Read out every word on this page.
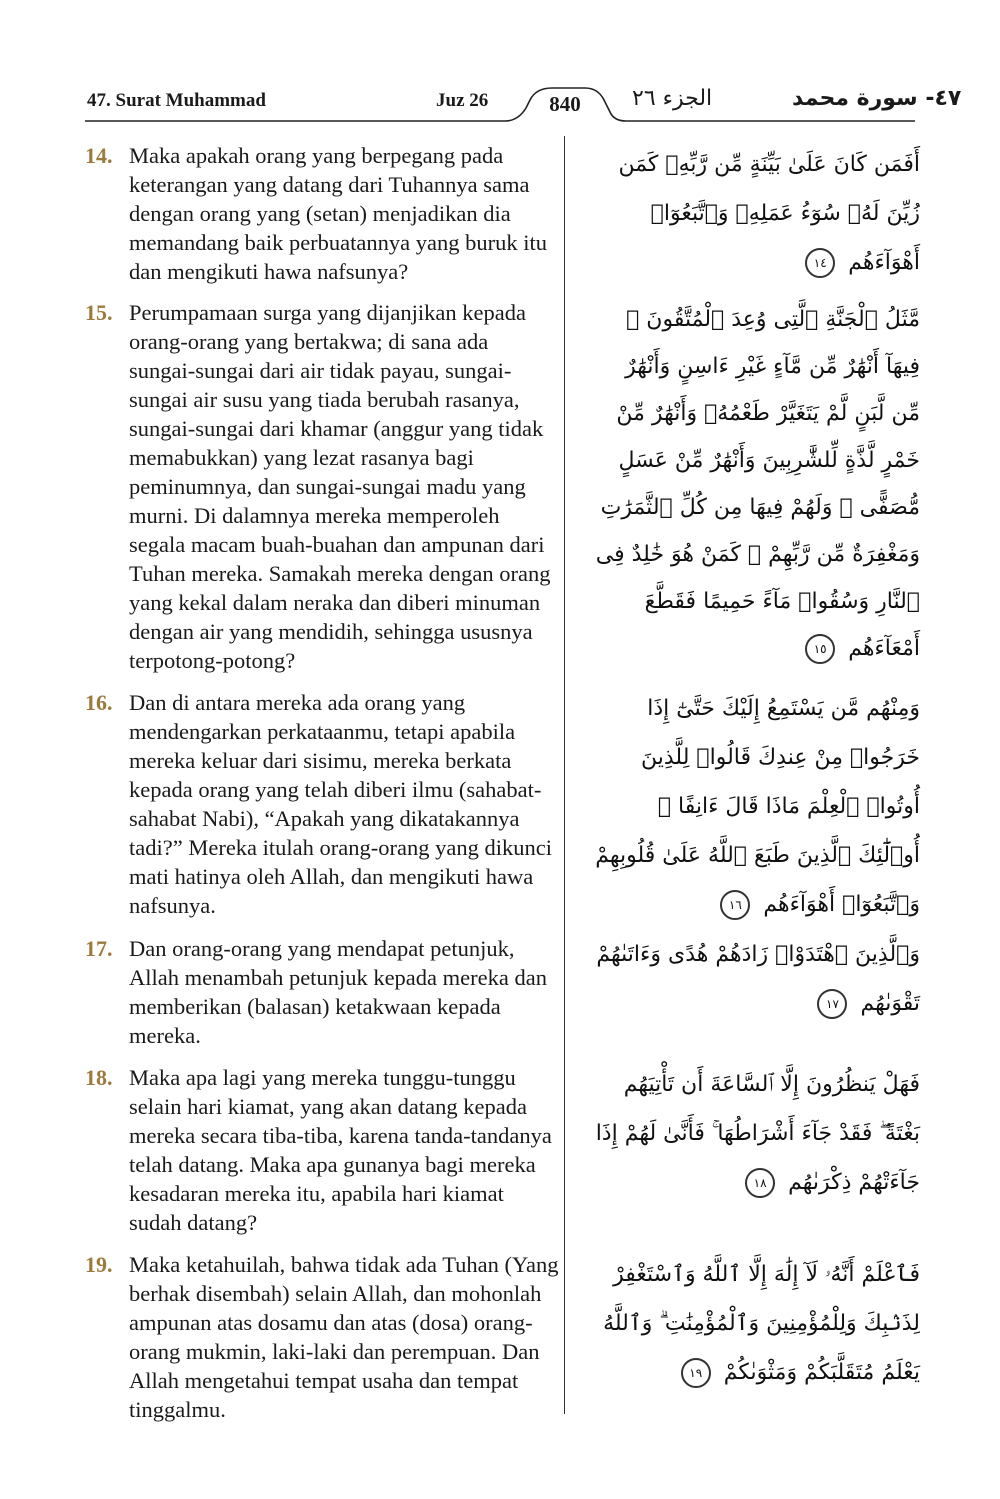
47. Surat Muhammad	Juz 26	840	الجزء ٢٦	٤٧- سورة محمد
14. Maka apakah orang yang berpegang pada keterangan yang datang dari Tuhannya sama dengan orang yang (setan) menjadikan dia memandang baik perbuatannya yang buruk itu dan mengikuti hawa nafsunya?
أَفَمَن كَانَ عَلَىٰ بَيِّنَةٍ مِّن رَّبِّهِۦ كَمَن زُيِّنَ لَهُۥ سُوٓءُ عَمَلِهِۦ وَٱتَّبَعُوٓا۟ أَهْوَآءَهُم ١٤
15. Perumpamaan surga yang dijanjikan kepada orang-orang yang bertakwa; di sana ada sungai-sungai dari air tidak payau, sungai-sungai air susu yang tiada berubah rasanya, sungai-sungai dari khamar (anggur yang tidak memabukkan) yang lezat rasanya bagi peminumnya, dan sungai-sungai madu yang murni. Di dalamnya mereka memperoleh segala macam buah-buahan dan ampunan dari Tuhan mereka. Samakah mereka dengan orang yang kekal dalam neraka dan diberi minuman dengan air yang mendidih, sehingga ususnya terpotong-potong?
مَّثَلُ ٱلْجَنَّةِ ٱلَّتِى وُعِدَ ٱلْمُتَّقُونَ ۖ فِيهَآ أَنْهَٰرٌ مِّن مَّآءٍ غَيْرِ ءَاسِنٍ وَأَنْهَٰرٌ مِّن لَّبَنٍ لَّمْ يَتَغَيَّرْ طَعْمُهُۥ وَأَنْهَٰرٌ مِّنْ خَمْرٍ لَّذَّةٍ لِّلشَّٰرِبِينَ وَأَنْهَٰرٌ مِّنْ عَسَلٍ مُّصَفًّى ۖ وَلَهُمْ فِيهَا مِن كُلِّ ٱلثَّمَرَٰتِ وَمَغْفِرَةٌ مِّن رَّبِّهِمْ ۖ كَمَنْ هُوَ خَٰلِدٌ فِى ٱلنَّارِ وَسُقُوا۟ مَآءً حَمِيمًا فَقَطَّعَ أَمْعَآءَهُم ١٥
16. Dan di antara mereka ada orang yang mendengarkan perkataanmu, tetapi apabila mereka keluar dari sisimu, mereka berkata kepada orang yang telah diberi ilmu (sahabat-sahabat Nabi), “Apakah yang dikatakannya tadi?” Mereka itulah orang-orang yang dikunci mati hatinya oleh Allah, dan mengikuti hawa nafsunya.
وَمِنْهُم مَّن يَسْتَمِعُ إِلَيْكَ حَتَّىٰٓ إِذَا خَرَجُوا۟ مِنْ عِندِكَ قَالُوا۟ لِلَّذِينَ أُوتُوا۟ ٱلْعِلْمَ مَاذَا قَالَ ءَانِفًا ۚ أُو۟لَٰٓئِكَ ٱلَّذِينَ طَبَعَ ٱللَّهُ عَلَىٰ قُلُوبِهِمْ وَٱتَّبَعُوٓا۟ أَهْوَآءَهُم ١٦
17. Dan orang-orang yang mendapat petunjuk, Allah menambah petunjuk kepada mereka dan memberikan (balasan) ketakwaan kepada mereka.
وَٱلَّذِينَ ٱهْتَدَوْا۟ زَادَهُمْ هُدًى وَءَاتَىٰهُمْ تَقْوَىٰهُم ١٧
18. Maka apa lagi yang mereka tunggu-tunggu selain hari kiamat, yang akan datang kepada mereka secara tiba-tiba, karena tanda-tandanya telah datang. Maka apa gunanya bagi mereka kesadaran mereka itu, apabila hari kiamat sudah datang?
فَهَلْ يَنظُرُونَ إِلَّا ٱلسَّاعَةَ أَن تَأْتِيَهُم بَغْتَةً ۖ فَقَدْ جَآءَ أَشْرَاطُهَا ۚ فَأَنَّىٰ لَهُمْ إِذَا جَآءَتْهُمْ ذِكْرَىٰهُم ١٨
19. Maka ketahuilah, bahwa tidak ada Tuhan (Yang berhak disembah) selain Allah, dan mohonlah ampunan atas dosamu dan atas (dosa) orang-orang mukmin, laki-laki dan perempuan. Dan Allah mengetahui tempat usaha dan tempat tinggalmu.
فَٱعْلَمْ أَنَّهُۥ لَآ إِلَٰهَ إِلَّا ٱللَّهُ وَٱسْتَغْفِرْ لِذَنۢبِكَ وَلِلْمُؤْمِنِينَ وَٱلْمُؤْمِنَٰتِ ۗ وَٱللَّهُ يَعْلَمُ مُتَقَلَّبَكُمْ وَمَثْوَىٰكُمْ ١٩
